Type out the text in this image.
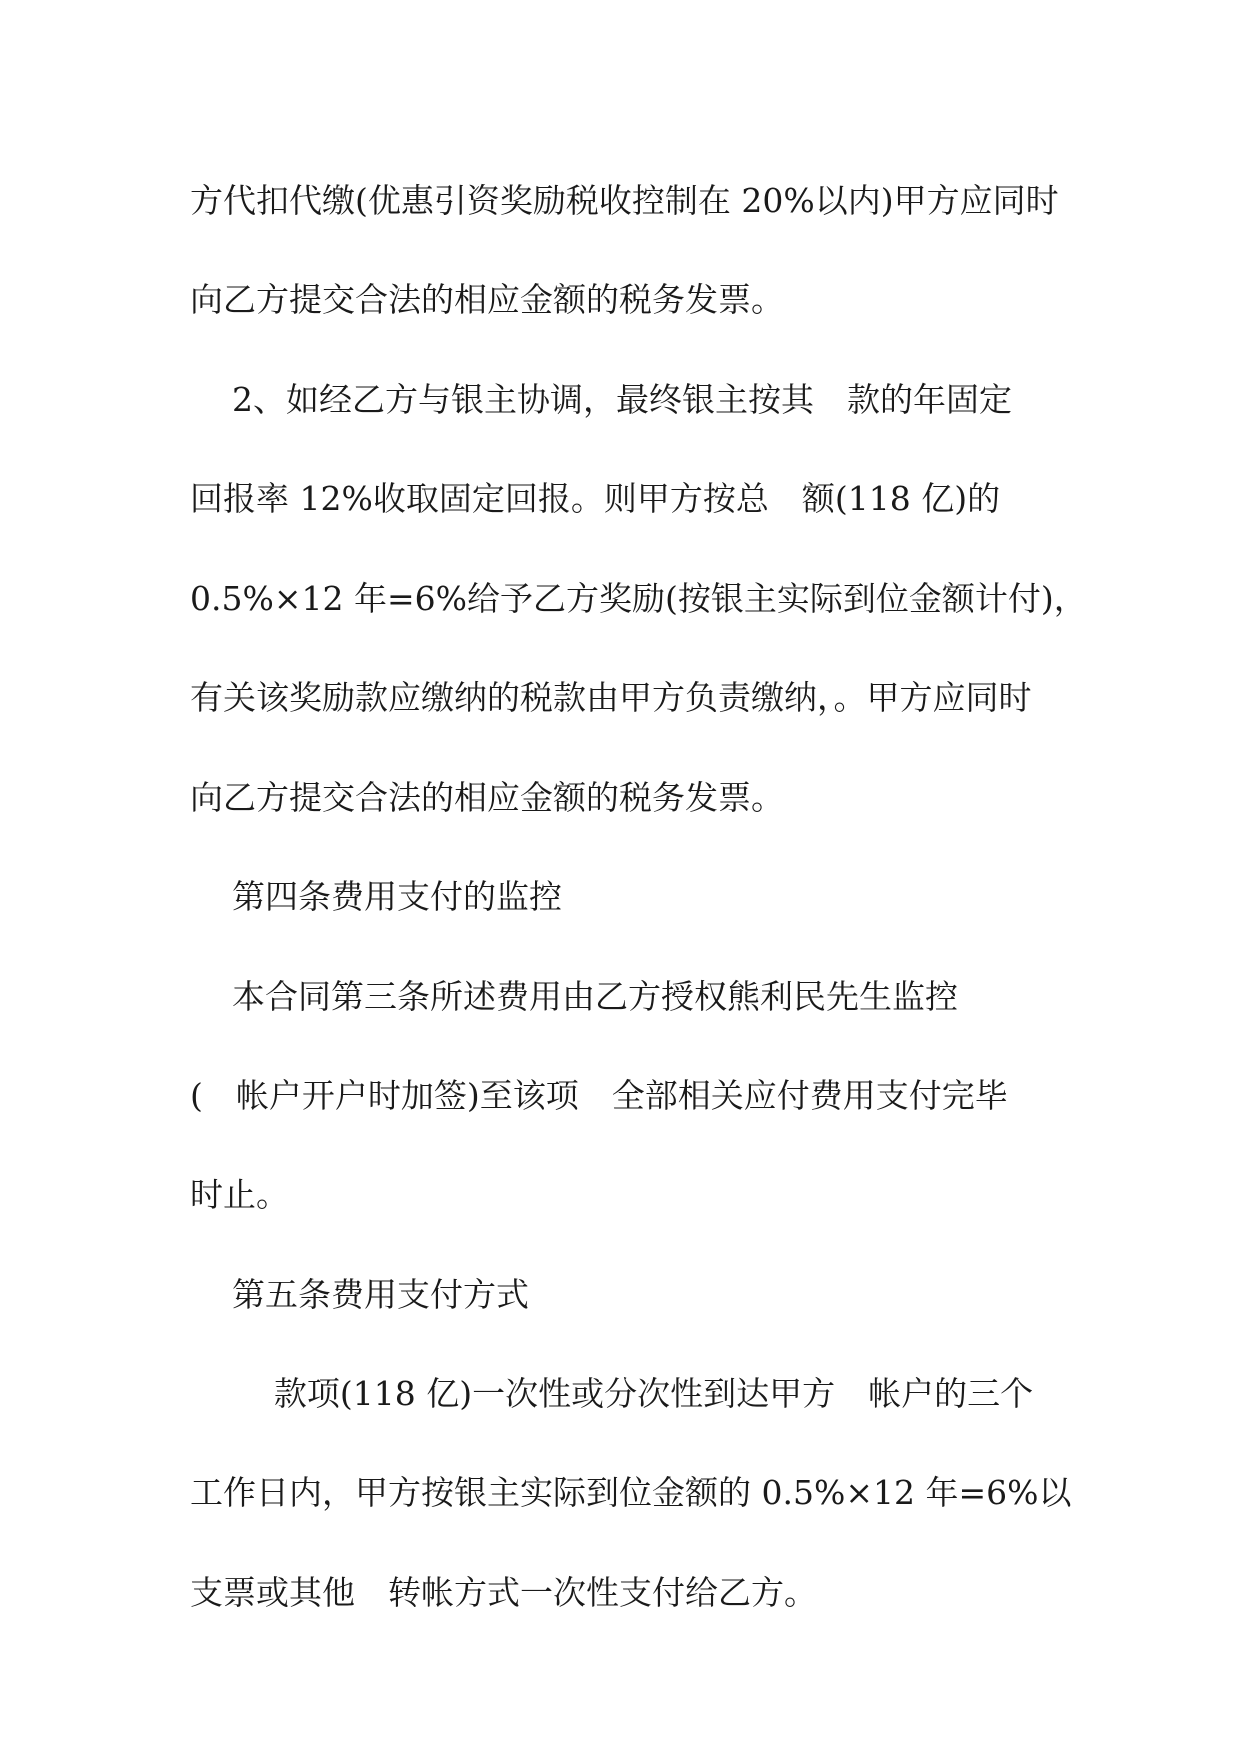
方代扣代缴(优惠引资奖励税收控制在 20%以内)甲方应同时
向乙方提交合法的相应金额的税务发票。
2、如经乙方与银主协调，最终银主按其　款的年固定
回报率 12%收取固定回报。则甲方按总　额(118 亿)的
0.5%×12 年=6%给予乙方奖励(按银主实际到位金额计付)，
有关该奖励款应缴纳的税款由甲方负责缴纳，。甲方应同时
向乙方提交合法的相应金额的税务发票。
第四条费用支付的监控
本合同第三条所述费用由乙方授权熊利民先生监控
(　帐户开户时加签)至该项　全部相关应付费用支付完毕
时止。
第五条费用支付方式
款项(118 亿)一次性或分次性到达甲方　帐户的三个
工作日内，甲方按银主实际到位金额的 0.5%×12 年=6%以
支票或其他　转帐方式一次性支付给乙方。
